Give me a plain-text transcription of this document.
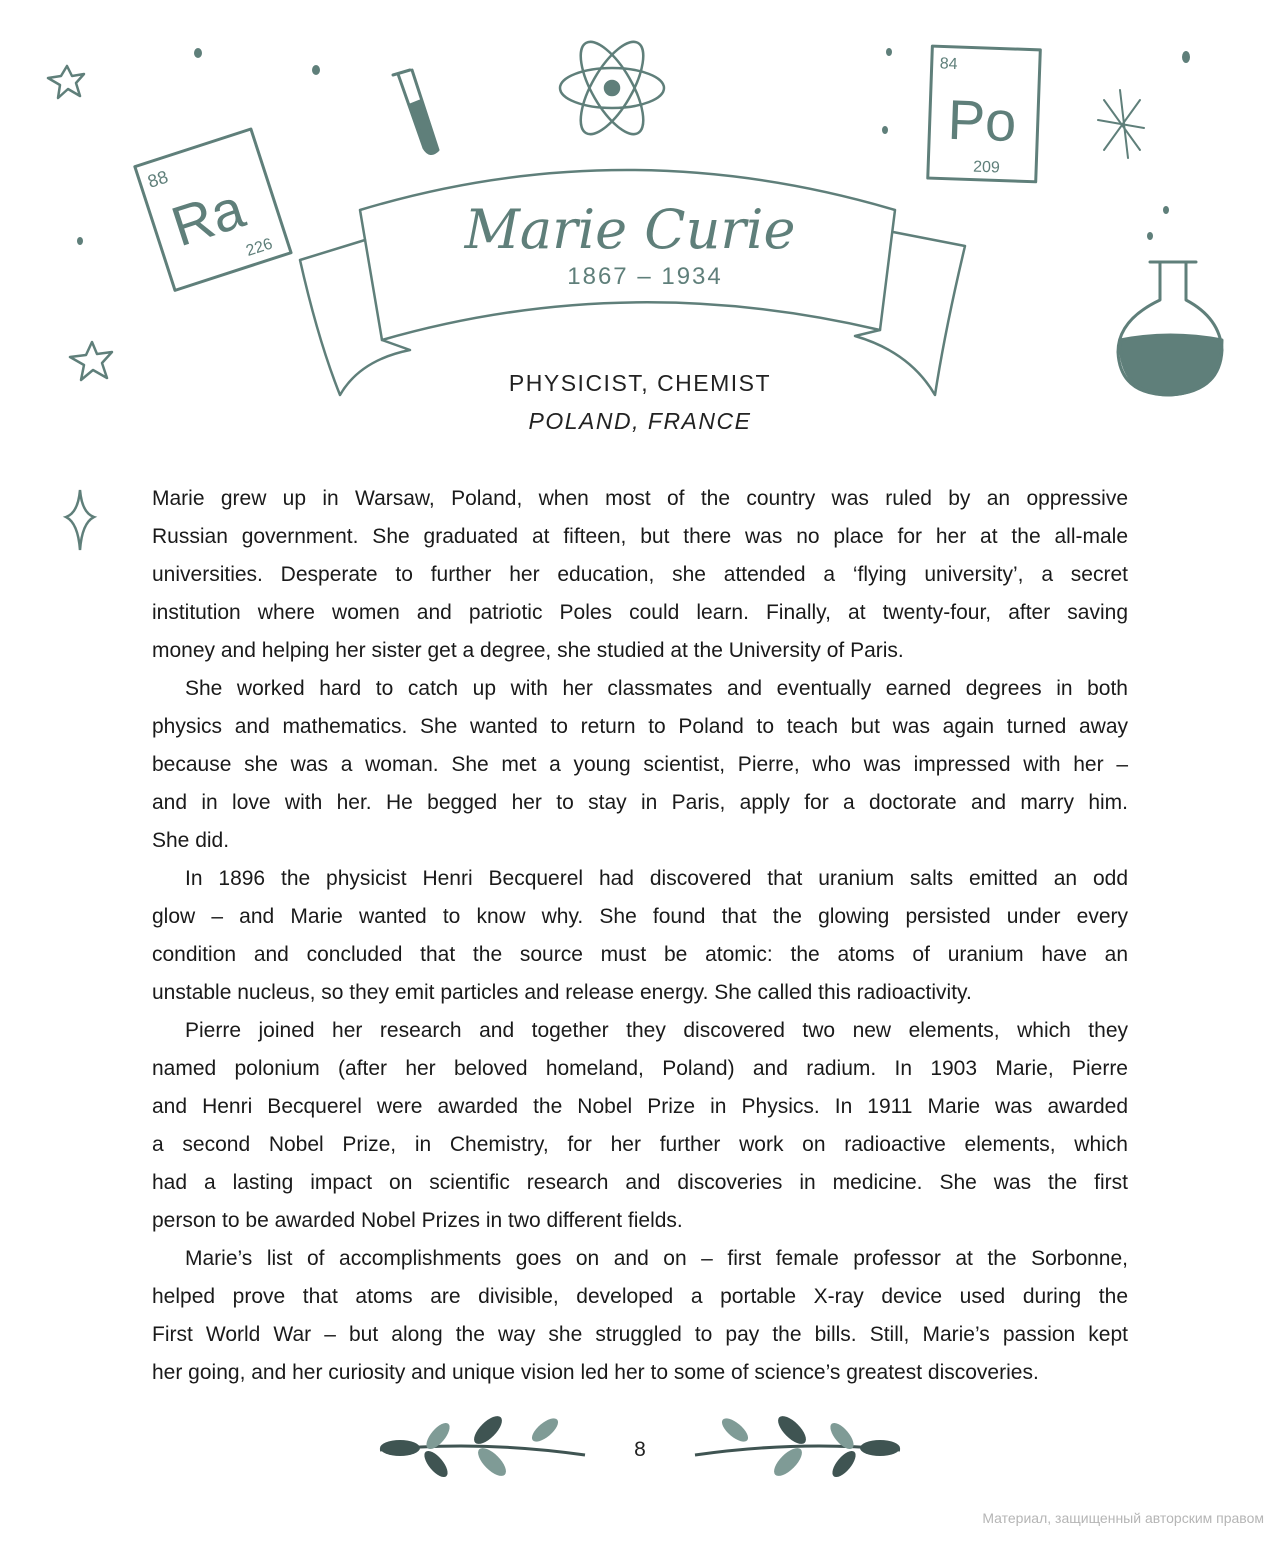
88
Ra
226
84
Po
209
Marie Curie
1867 – 1934
PHYSICIST, CHEMIST
POLAND, FRANCE
Marie grew up in Warsaw, Poland, when most of the country was ruled by an oppressive
Russian government. She graduated at fifteen, but there was no place for her at the all-male
universities. Desperate to further her education, she attended a ‘flying university’, a secret
institution where women and patriotic Poles could learn. Finally, at twenty-four, after saving
money and helping her sister get a degree, she studied at the University of Paris.
She worked hard to catch up with her classmates and eventually earned degrees in both
physics and mathematics. She wanted to return to Poland to teach but was again turned away
because she was a woman. She met a young scientist, Pierre, who was impressed with her –
and in love with her. He begged her to stay in Paris, apply for a doctorate and marry him.
She did.
In 1896 the physicist Henri Becquerel had discovered that uranium salts emitted an odd
glow – and Marie wanted to know why. She found that the glowing persisted under every
condition and concluded that the source must be atomic: the atoms of uranium have an
unstable nucleus, so they emit particles and release energy. She called this radioactivity.
Pierre joined her research and together they discovered two new elements, which they
named polonium (after her beloved homeland, Poland) and radium. In 1903 Marie, Pierre
and Henri Becquerel were awarded the Nobel Prize in Physics. In 1911 Marie was awarded
a second Nobel Prize, in Chemistry, for her further work on radioactive elements, which
had a lasting impact on scientific research and discoveries in medicine. She was the first
person to be awarded Nobel Prizes in two different fields.
Marie’s list of accomplishments goes on and on – first female professor at the Sorbonne,
helped prove that atoms are divisible, developed a portable X-ray device used during the
First World War – but along the way she struggled to pay the bills. Still, Marie’s passion kept
her going, and her curiosity and unique vision led her to some of science’s greatest discoveries.
8
Материал, защищенный авторским правом
